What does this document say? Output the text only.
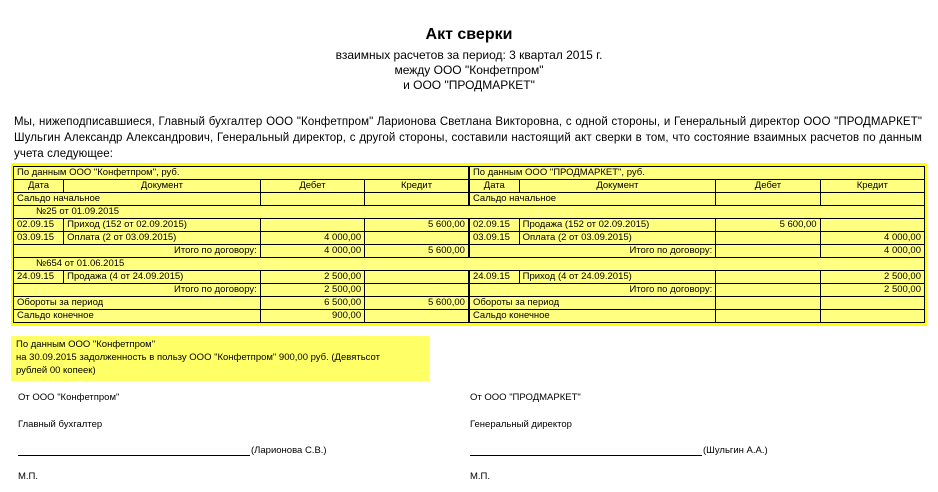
Акт сверки
взаимных расчетов за период: 3 квартал 2015 г.
между ООО "Конфетпром"
и ООО "ПРОДМАРКЕТ"
Мы, нижеподписавшиеся, Главный бухгалтер ООО "Конфетпром" Ларионова Светлана Викторовна, с одной стороны, и Генеральный директор ООО "ПРОДМАРКЕТ" Шульгин Александр Александрович, Генеральный директор, с другой стороны, составили настоящий акт сверки в том, что состояние взаимных расчетов по данным учета следующее:
По данным ООО "Конфетпром", руб.				По данным ООО "ПРОДМАРКЕТ", руб.			
Дата	Документ	Дебет	Кредит	Дата	Документ	Дебет	Кредит
Сальдо начальное				Сальдо начальное			
№25 от 01.09.2015							
02.09.15	Приход (152 от 02.09.2015)		5 600,00	02.09.15	Продажа (152 от 02.09.2015)	5 600,00	
03.09.15	Оплата (2 от 03.09.2015)	4 000,00		03.09.15	Оплата (2 от 03.09.2015)		4 000,00
Итого по договору:		4 000,00	5 600,00	Итого по договору:			4 000,00
№654 от 01.06.2015							
24.09.15	Продажа (4 от 24.09.2015)	2 500,00		24.09.15	Приход (4 от 24.09.2015)		2 500,00
Итого по договору:		2 500,00		Итого по договору:			2 500,00
Обороты за период		6 500,00	5 600,00	Обороты за период			
Сальдо конечное		900,00		Сальдо конечное			
По данным ООО "Конфетпром"
на 30.09.2015 задолженность в пользу ООО "Конфетпром" 900,00 руб. (Девятьсот
рублей 00 копеек)
От ООО "Конфетпром"
Главный бухгалтер
(Ларионова С.В.)
М.П.
От ООО "ПРОДМАРКЕТ"
Генеральный директор
(Шульгин А.А.)
М.П.
